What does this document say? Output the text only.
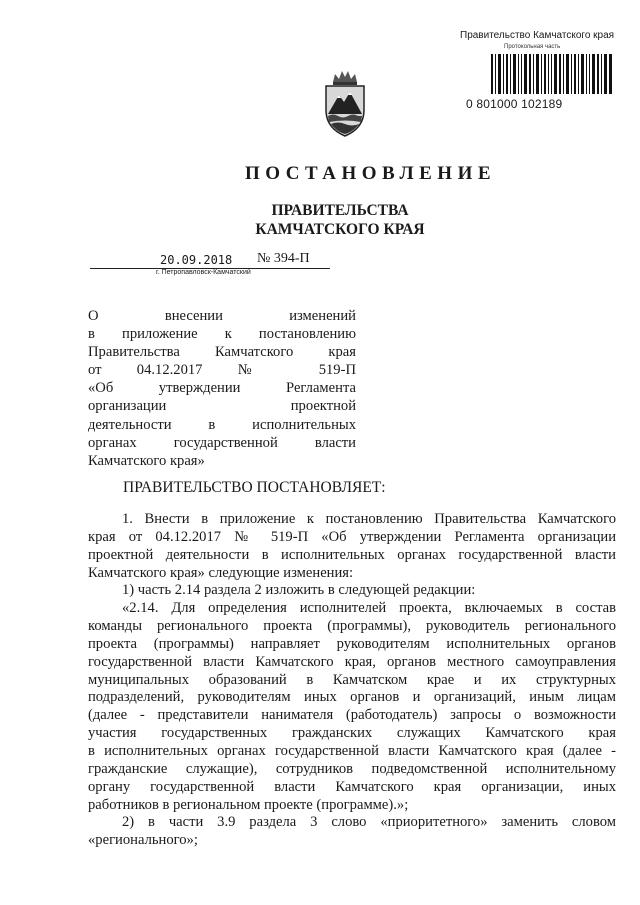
Правительство Камчатского края
Протокольная часть
0 801000 102189
ПОСТАНОВЛЕНИЕ
ПРАВИТЕЛЬСТВА
КАМЧАТСКОГО КРАЯ
20.09.2018 № 394-П
г. Петропавловск-Камчатский
О внесении изменений
в приложение к постановлению
Правительства Камчатского края
от 04.12.2017 № 519-П
«Об утверждении Регламента
организации проектной
деятельности в исполнительных
органах государственной власти
Камчатского края»
ПРАВИТЕЛЬСТВО ПОСТАНОВЛЯЕТ:
1. Внести в приложение к постановлению Правительства Камчатского
края от 04.12.2017 № 519-П «Об утверждении Регламента организации
проектной деятельности в исполнительных органах государственной власти
Камчатского края» следующие изменения:
1) часть 2.14 раздела 2 изложить в следующей редакции:
«2.14. Для определения исполнителей проекта, включаемых в состав
команды регионального проекта (программы), руководитель регионального
проекта (программы) направляет руководителям исполнительных органов
государственной власти Камчатского края, органов местного самоуправления
муниципальных образований в Камчатском крае и их структурных
подразделений, руководителям иных органов и организаций, иным лицам
(далее - представители нанимателя (работодатель) запросы о возможности
участия государственных гражданских служащих Камчатского края
в исполнительных органах государственной власти Камчатского края (далее -
гражданские служащие), сотрудников подведомственной исполнительному
органу государственной власти Камчатского края организации, иных
работников в региональном проекте (программе).»;
2) в части 3.9 раздела 3 слово «приоритетного» заменить словом
«регионального»;
